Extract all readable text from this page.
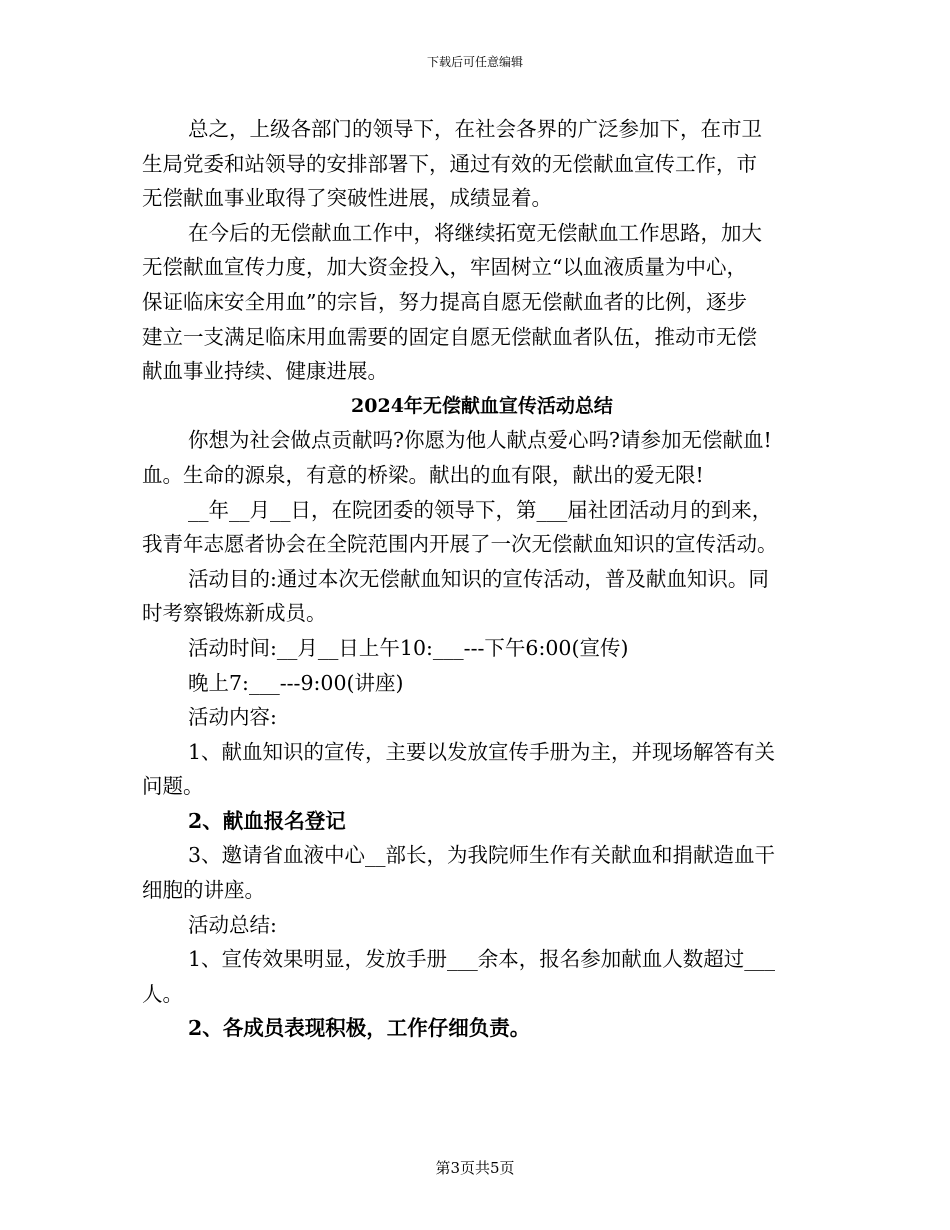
下载后可任意编辑
总之，上级各部门的领导下，在社会各界的广泛参加下，在市卫
生局党委和站领导的安排部署下，通过有效的无偿献血宣传工作，市
无偿献血事业取得了突破性进展，成绩显着。
在今后的无偿献血工作中，将继续拓宽无偿献血工作思路，加大
无偿献血宣传力度，加大资金投入，牢固树立“以血液质量为中心，
保证临床安全用血”的宗旨，努力提高自愿无偿献血者的比例，逐步
建立一支满足临床用血需要的固定自愿无偿献血者队伍，推动市无偿
献血事业持续、健康进展。
2024年无偿献血宣传活动总结
你想为社会做点贡献吗?你愿为他人献点爱心吗?请参加无偿献血!
血。生命的源泉，有意的桥梁。献出的血有限，献出的爱无限!
__年__月__日，在院团委的领导下，第___届社团活动月的到来，
我青年志愿者协会在全院范围内开展了一次无偿献血知识的宣传活动。
活动目的:通过本次无偿献血知识的宣传活动，普及献血知识。同
时考察锻炼新成员。
活动时间:__月__日上午10:___---下午6:00(宣传)
晚上7:___---9:00(讲座)
活动内容:
1、献血知识的宣传，主要以发放宣传手册为主，并现场解答有关
问题。
2、献血报名登记
3、邀请省血液中心__部长，为我院师生作有关献血和捐献造血干
细胞的讲座。
活动总结:
1、宣传效果明显，发放手册___余本，报名参加献血人数超过___
人。
2、各成员表现积极，工作仔细负责。
第3页共5页
